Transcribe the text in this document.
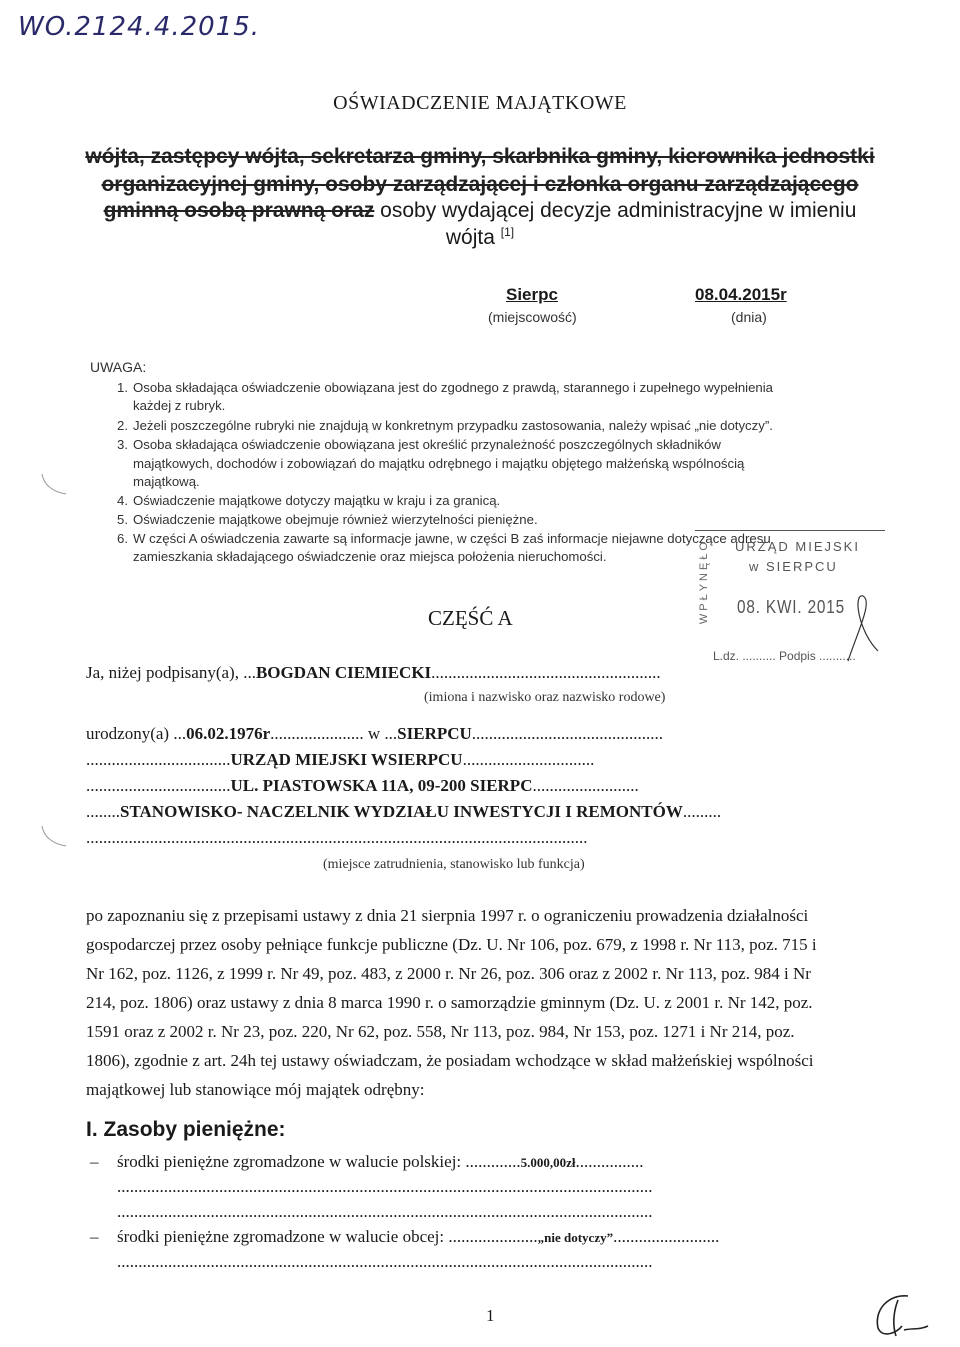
WO.2124.4.2015.
OŚWIADCZENIE MAJĄTKOWE
wójta, zastępcy wójta, sekretarza gminy, skarbnika gminy, kierownika jednostki
organizacyjnej gminy, osoby zarządzającej i członka organu zarządzającego
gminną osobą prawną oraz osoby wydającej decyzje administracyjne w imieniu
wójta [1]
Sierpc
(miejscowość)
08.04.2015r
(dnia)
UWAGA:
1. Osoba składająca oświadczenie obowiązana jest do zgodnego z prawdą, starannego i zupełnego wypełnienia
każdej z rubryk.
2. Jeżeli poszczególne rubryki nie znajdują w konkretnym przypadku zastosowania, należy wpisać „nie dotyczy”.
3. Osoba składająca oświadczenie obowiązana jest określić przynależność poszczególnych składników
majątkowych, dochodów i zobowiązań do majątku odrębnego i majątku objętego małżeńską wspólnością
majątkową.
4. Oświadczenie majątkowe dotyczy majątku w kraju i za granicą.
5. Oświadczenie majątkowe obejmuje również wierzytelności pieniężne.
6. W części A oświadczenia zawarte są informacje jawne, w części B zaś informacje niejawne dotyczące adresu
zamieszkania składającego oświadczenie oraz miejsca położenia nieruchomości.	WPŁYNĘŁO URZĄD MIEJSKI
w SIERPCU
08. KWI. 2015
L.dz. .......... Podpis ...........
CZĘŚĆ A
Ja, niżej podpisany(a), ...BOGDAN CIEMIECKI......................................................
(imiona i nazwisko oraz nazwisko rodowe)
urodzony(a) ...06.02.1976r...................... w ...SIERPCU.............................................
..................................URZĄD MIEJSKI WSIERPCU...............................
..................................UL. PIASTOWSKA 11A, 09-200 SIERPC.........................
........STANOWISKO- NACZELNIK WYDZIAŁU INWESTYCJI I REMONTÓW.........
......................................................................................................................
(miejsce zatrudnienia, stanowisko lub funkcja)
po zapoznaniu się z przepisami ustawy z dnia 21 sierpnia 1997 r. o ograniczeniu prowadzenia działalności
gospodarczej przez osoby pełniące funkcje publiczne (Dz. U. Nr 106, poz. 679, z 1998 r. Nr 113, poz. 715 i
Nr 162, poz. 1126, z 1999 r. Nr 49, poz. 483, z 2000 r. Nr 26, poz. 306 oraz z 2002 r. Nr 113, poz. 984 i Nr
214, poz. 1806) oraz ustawy z dnia 8 marca 1990 r. o samorządzie gminnym (Dz. U. z 2001 r. Nr 142, poz.
1591 oraz z 2002 r. Nr 23, poz. 220, Nr 62, poz. 558, Nr 113, poz. 984, Nr 153, poz. 1271 i Nr 214, poz.
1806), zgodnie z art. 24h tej ustawy oświadczam, że posiadam wchodzące w skład małżeńskiej wspólności
majątkowej lub stanowiące mój majątek odrębny:
I. Zasoby pieniężne:
– środki pieniężne zgromadzone w walucie polskiej: .............5.000,00zł................
..............................................................................................................................
..............................................................................................................................
– środki pieniężne zgromadzone w walucie obcej: .....................„nie dotyczy”.........................
..............................................................................................................................
1
